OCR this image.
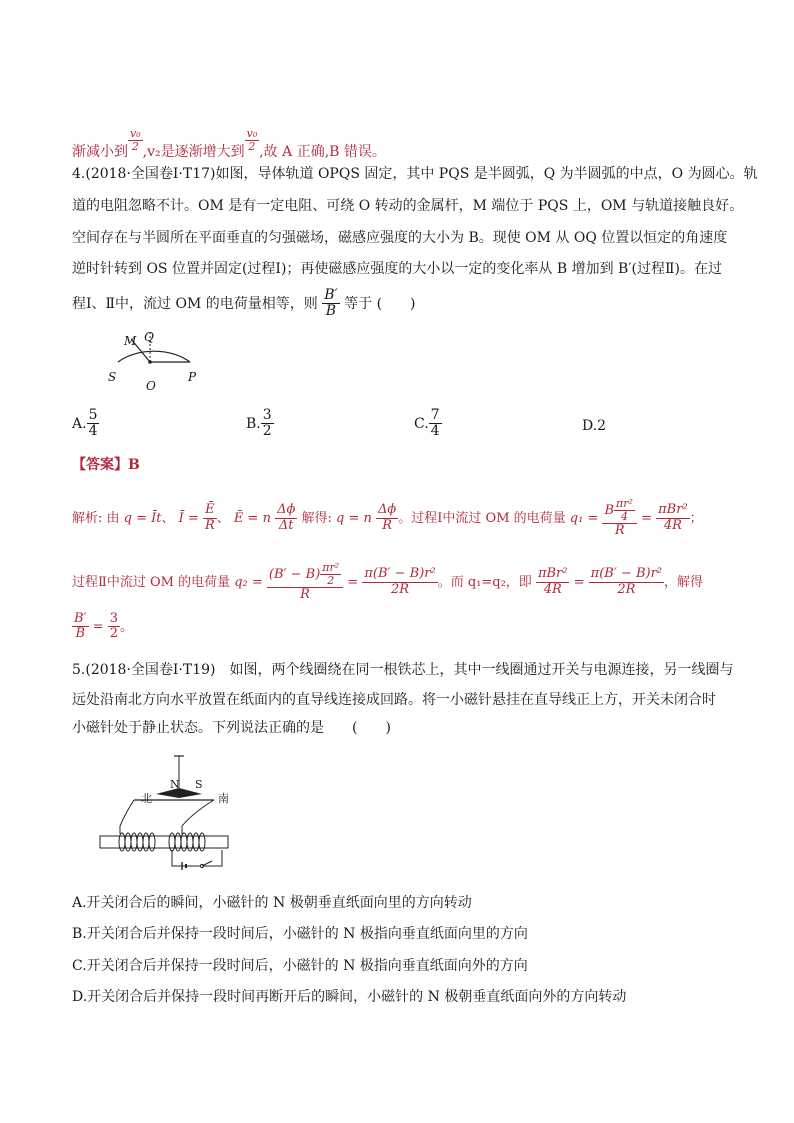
渐减小到 $\frac{\text{v₀}}{2} ,v_2$是逐渐增大到 $\frac{\text{v₀}}{2}$ ,故 A 正确,B 错误。
4.(2018·全国卷Ⅰ·T17)如图，导体轨道 OPQS 固定，其中 PQS 是半圆弧，Q 为半圆弧的中点，O 为圆心。轨
道的电阻忽略不计。OM 是有一定电阻、可绕 O 转动的金属杆，M 端位于 PQS 上，OM 与轨道接触良好。
空间存在与半圆所在平面垂直的匀强磁场，磁感应强度的大小为 B。现使 OM 从 OQ 位置以恒定的角速度
逆时针转到 OS 位置并固定(过程Ⅰ)；再使磁感应强度的大小以一定的变化率从 B 增加到 B′(过程Ⅱ)。在过
程Ⅰ、Ⅱ中，流过 OM 的电荷量相等，则 $\frac{B'}{B}$ 等于 (　　)
M Q
S
O
P
A. $\frac{5}{4}$	B. $\frac{3}{2}$	C. $\frac{7}{4}$	D.2
【答案】B
解析: 由 q = Īt、 Ī = $\frac{Ē}{R}$ 、 Ē = n $\frac{\Delta\phi}{\Delta t}$ 解得: q = n $\frac{\Delta\phi}{R}$ 。过程Ⅰ中流过 OM 的电荷量 $q_1 = \frac{B \frac{\text{πr²}}{4}}{R} = \frac{\text{πBr²}}{4R}$ ；
过程Ⅱ中流过 OM 的电荷量 $q_2 = \frac{(B' - B) \frac{\text{πr²}}{2}}{R} = \frac{\text{π(B′ − B)r²}}{2R}$ 。而 q₁=q₂，即 $\frac{\text{πBr²}}{4R} = \frac{\text{π(B′ − B)r²}}{2R}$ ，解得
$\frac{B'}{B} = \frac{3}{2}$ 。
5.(2018·全国卷Ⅰ·T19)　如图，两个线圈绕在同一根铁芯上，其中一线圈通过开关与电源连接，另一线圈与
远处沿南北方向水平放置在纸面内的直导线连接成回路。将一小磁针悬挂在直导线正上方，开关未闭合时
小磁针处于静止状态。下列说法正确的是　　(　　)
N S
北	南
A.开关闭合后的瞬间，小磁针的 N 极朝垂直纸面向里的方向转动
B.开关闭合后并保持一段时间后，小磁针的 N 极指向垂直纸面向里的方向
C.开关闭合后并保持一段时间后，小磁针的 N 极指向垂直纸面向外的方向
D.开关闭合后并保持一段时间再断开后的瞬间，小磁针的 N 极朝垂直纸面向外的方向转动
